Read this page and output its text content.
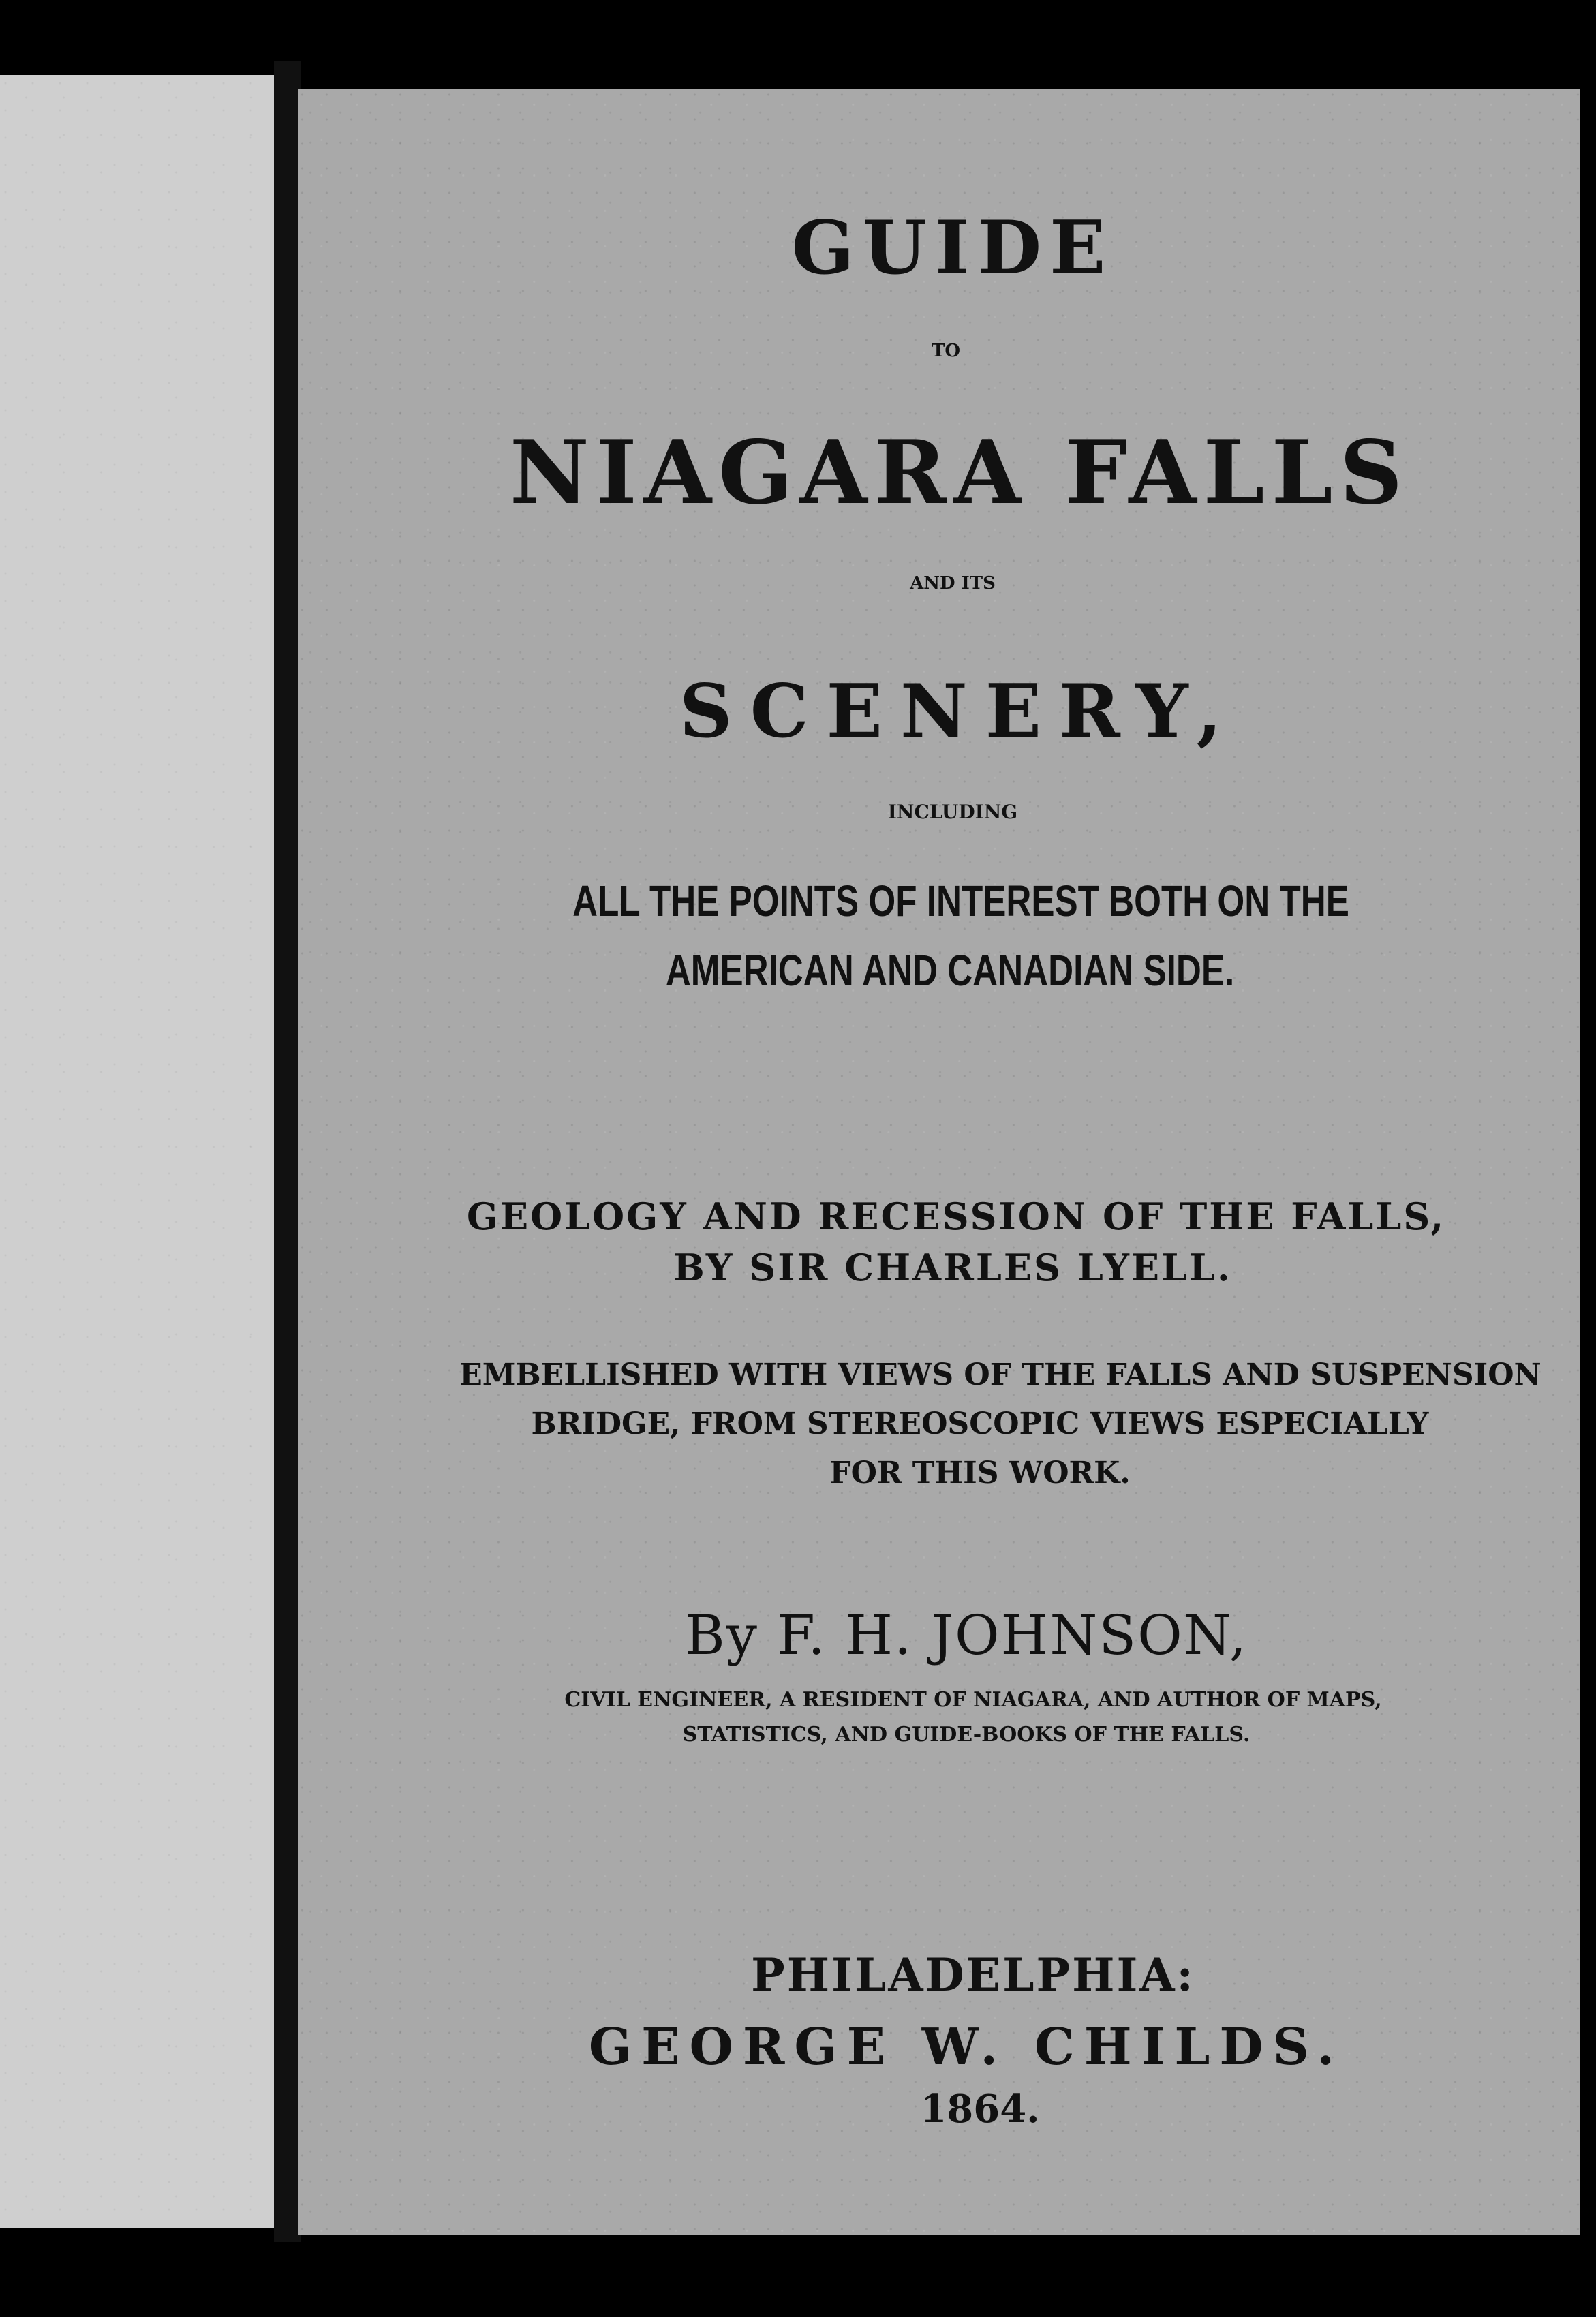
GUIDE
TO
NIAGARA FALLS
AND ITS
SCENERY,
INCLUDING
ALL THE POINTS OF INTEREST BOTH ON THE
AMERICAN AND CANADIAN SIDE.
GEOLOGY AND RECESSION OF THE FALLS,
BY SIR CHARLES LYELL.
EMBELLISHED WITH VIEWS OF THE FALLS AND SUSPENSION
BRIDGE, FROM STEREOSCOPIC VIEWS ESPECIALLY
FOR THIS WORK.
By F. H. JOHNSON,
CIVIL ENGINEER, A RESIDENT OF NIAGARA, AND AUTHOR OF MAPS,
STATISTICS, AND GUIDE-BOOKS OF THE FALLS.
PHILADELPHIA:
GEORGE W. CHILDS.
1864.
